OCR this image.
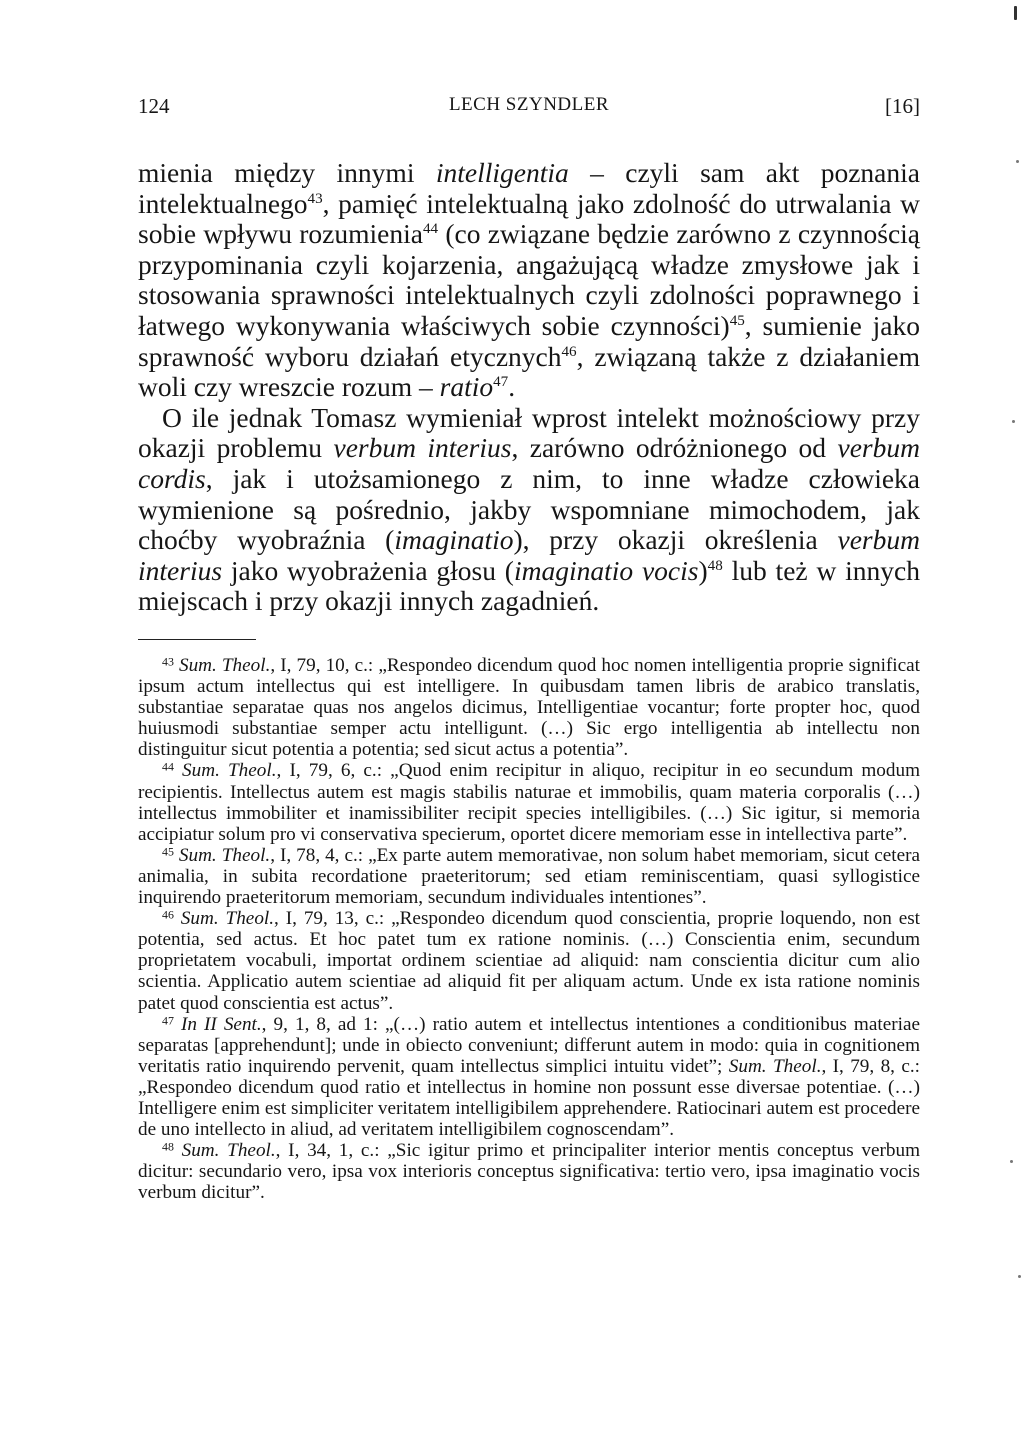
124	LECH SZYNDLER	[16]

mienia między innymi intelligentia – czyli sam akt poznania intelektualnego$^{43}$, pamięć intelektualną jako zdolność do utrwalania w sobie wpływu rozumienia$^{44}$ (co związane będzie zarówno z czynnością przypominania czyli kojarzenia, angażującą władze zmysłowe jak i stosowania sprawności intelektualnych czyli zdolności poprawnego i łatwego wykonywania właściwych sobie czynności)$^{45}$, sumienie jako sprawność wyboru działań etycznych$^{46}$, związaną także z działaniem woli czy wreszcie rozum – ratio$^{47}$.

O ile jednak Tomasz wymieniał wprost intelekt możnościowy przy okazji problemu verbum interius, zarówno odróżnionego od verbum cordis, jak i utożsamionego z nim, to inne władze człowieka wymienione są pośrednio, jakby wspomniane mimochodem, jak choćby wyobraźnia (imaginatio), przy okazji określenia verbum interius jako wyobrażenia głosu (imaginatio vocis)$^{48}$ lub też w innych miejscach i przy okazji innych zagadnień.

$^{43}$ Sum. Theol., I, 79, 10, c.: „Respondeo dicendum quod hoc nomen intelligentia proprie significat ipsum actum intellectus qui est intelligere. In quibusdam tamen libris de arabico translatis, substantiae separatae quas nos angelos dicimus, Intelligentiae vocantur; forte propter hoc, quod huiusmodi substantiae semper actu intelligunt. (…) Sic ergo intelligentia ab intellectu non distinguitur sicut potentia a potentia; sed sicut actus a potentia”.

$^{44}$ Sum. Theol., I, 79, 6, c.: „Quod enim recipitur in aliquo, recipitur in eo secundum modum recipientis. Intellectus autem est magis stabilis naturae et immobilis, quam materia corporalis (…) intellectus immobiliter et inamissibiliter recipit species intelligibiles. (…) Sic igitur, si memoria accipiatur solum pro vi conservativa specierum, oportet dicere memoriam esse in intellectiva parte”.

$^{45}$ Sum. Theol., I, 78, 4, c.: „Ex parte autem memorativae, non solum habet memoriam, sicut cetera animalia, in subita recordatione praeteritorum; sed etiam reminiscentiam, quasi syllogistice inquirendo praeteritorum memoriam, secundum individuales intentiones”.

$^{46}$ Sum. Theol., I, 79, 13, c.: „Respondeo dicendum quod conscientia, proprie loquendo, non est potentia, sed actus. Et hoc patet tum ex ratione nominis. (…) Conscientia enim, secundum proprietatem vocabuli, importat ordinem scientiae ad aliquid: nam conscientia dicitur cum alio scientia. Applicatio autem scientiae ad aliquid fit per aliquam actum. Unde ex ista ratione nominis patet quod conscientia est actus”.

$^{47}$ In II Sent., 9, 1, 8, ad 1: „(…) ratio autem et intellectus intentiones a conditionibus materiae separatas [apprehendunt]; unde in obiecto conveniunt; differunt autem in modo: quia in cognitionem veritatis ratio inquirendo pervenit, quam intellectus simplici intuitu videt”; Sum. Theol., I, 79, 8, c.: „Respondeo dicendum quod ratio et intellectus in homine non possunt esse diversae potentiae. (…) Intelligere enim est simpliciter veritatem intelligibilem apprehendere. Ratiocinari autem est procedere de uno intellecto in aliud, ad veritatem intelligibilem cognoscendam”.

$^{48}$ Sum. Theol., I, 34, 1, c.: „Sic igitur primo et principaliter interior mentis conceptus verbum dicitur: secundario vero, ipsa vox interioris conceptus significativa: tertio vero, ipsa imaginatio vocis verbum dicitur”.
